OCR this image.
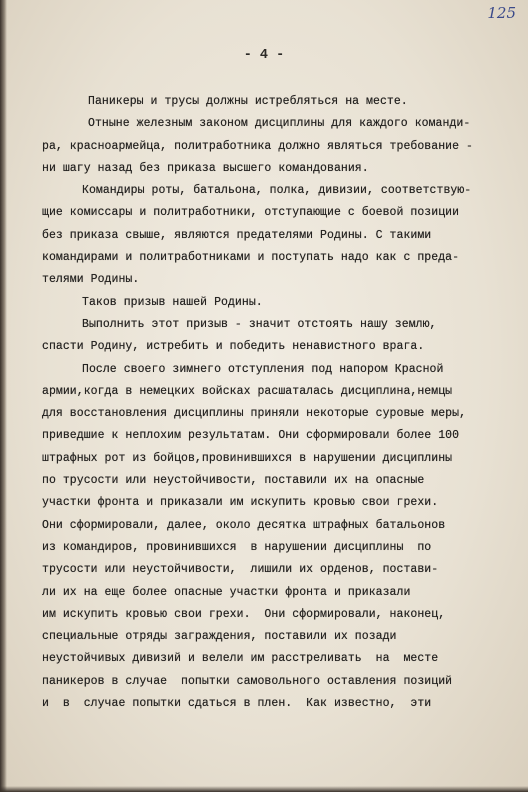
125
- 4 -
Паникеры и трусы должны истребляться на месте.
Отныне железным законом дисциплины для каждого команди-
ра, красноармейца, политработника должно являться требование -
ни шагу назад без приказа высшего командования.
Командиры роты, батальона, полка, дивизии, соответствую-
щие комиссары и политработники, отступающие с боевой позиции
без приказа свыше, являются предателями Родины. С такими
командирами и политработниками и поступать надо как с преда-
телями Родины.
Таков призыв нашей Родины.
Выполнить этот призыв - значит отстоять нашу землю,
спасти Родину, истребить и победить ненавистного врага.
После своего зимнего отступления под напором Красной
армии,когда в немецких войсках расшаталась дисциплина,немцы
для восстановления дисциплины приняли некоторые суровые меры,
приведшие к неплохим результатам. Они сформировали более 100
штрафных рот из бойцов,провинившихся в нарушении дисциплины
по трусости или неустойчивости, поставили их на опасные
участки фронта и приказали им искупить кровью свои грехи.
Они сформировали, далее, около десятка штрафных батальонов
из командиров, провинившихся  в нарушении дисциплины  по
трусости или неустойчивости,  лишили их орденов, постави-
ли их на еще более опасные участки фронта и приказали
им искупить кровью свои грехи.  Они сформировали, наконец,
специальные отряды заграждения, поставили их позади
неустойчивых дивизий и велели им расстреливать  на  месте
паникеров в случае  попытки самовольного оставления позиций
и  в  случае попытки сдаться в плен.  Как известно,  эти
